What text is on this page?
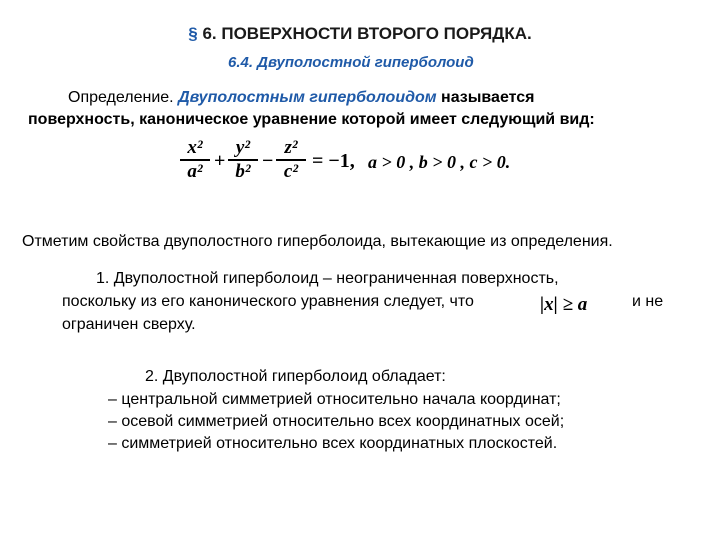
§ 6. ПОВЕРХНОСТИ ВТОРОГО ПОРЯДКА.
6.4. Двуполостной гиперболоид
Определение. Двуполостным гиперболоидом называется
поверхность, каноническое уравнение которой имеет следующий вид:
x²
a² +
y²
b² −
z²
c² = −1, a > 0 , b > 0 , c > 0.
Отметим свойства двуполостного гиперболоида, вытекающие из определения.
1. Двуполостной гиперболоид – неограниченная поверхность,
поскольку из его канонического уравнения следует, что	|x| ≥ a	и не
ограничен сверху.
2. Двуполостной гиперболоид обладает:
– центральной симметрией относительно начала координат;
– осевой симметрией относительно всех координатных осей;
– симметрией относительно всех координатных плоскостей.
